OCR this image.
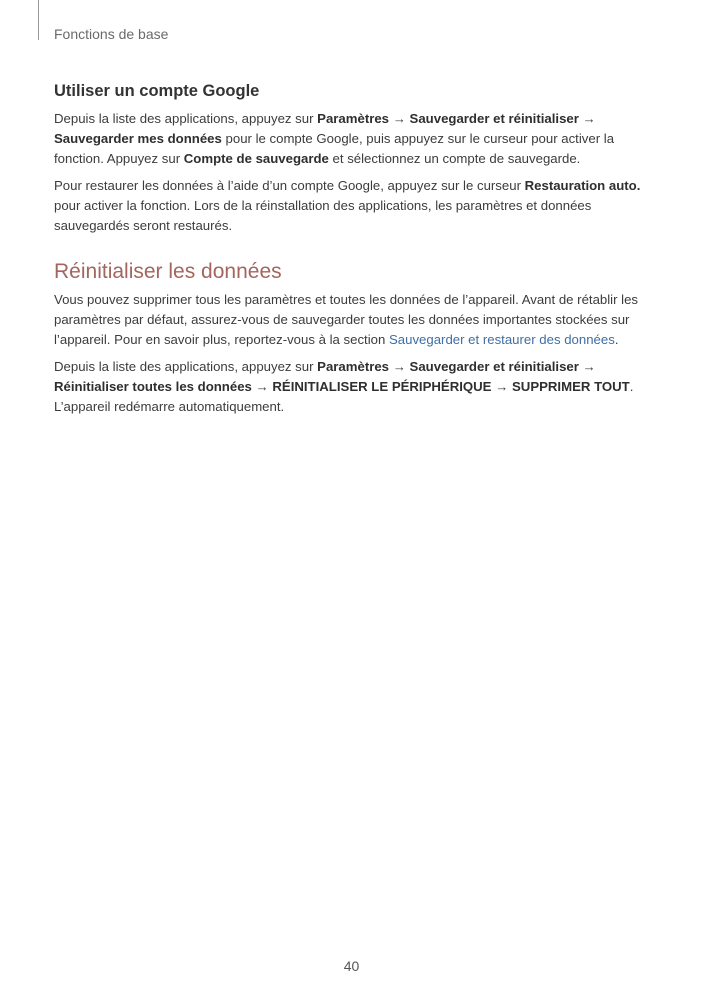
Fonctions de base
Utiliser un compte Google

Depuis la liste des applications, appuyez sur Paramètres → Sauvegarder et réinitialiser → Sauvegarder mes données pour le compte Google, puis appuyez sur le curseur pour activer la fonction. Appuyez sur Compte de sauvegarde et sélectionnez un compte de sauvegarde.

Pour restaurer les données à l’aide d’un compte Google, appuyez sur le curseur Restauration auto. pour activer la fonction. Lors de la réinstallation des applications, les paramètres et données sauvegardés seront restaurés.

Réinitialiser les données

Vous pouvez supprimer tous les paramètres et toutes les données de l’appareil. Avant de rétablir les paramètres par défaut, assurez-vous de sauvegarder toutes les données importantes stockées sur l’appareil. Pour en savoir plus, reportez-vous à la section Sauvegarder et restaurer des données.

Depuis la liste des applications, appuyez sur Paramètres → Sauvegarder et réinitialiser → Réinitialiser toutes les données → RÉINITIALISER LE PÉRIPHÉRIQUE → SUPPRIMER TOUT. L’appareil redémarre automatiquement.

40
